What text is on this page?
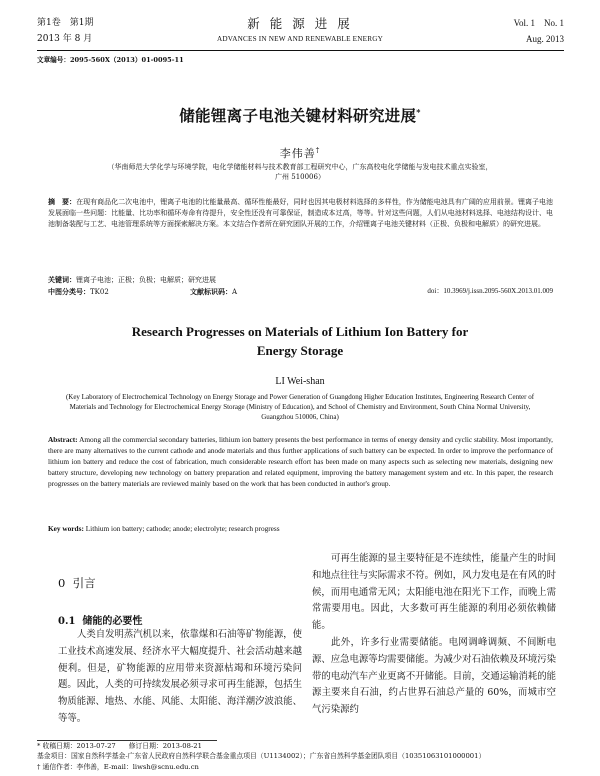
第1卷　第1期
2013 年 8 月
新 能 源 进 展
ADVANCES IN NEW AND RENEWABLE ENERGY
Vol. 1　No. 1
Aug. 2013
文章编号：2095-560X（2013）01-0095-11
储能锂离子电池关键材料研究进展*
李伟善†
（华南师范大学化学与环境学院，电化学储能材料与技术教育部工程研究中心，广东高校电化学储能与发电技术重点实验室，
广州 510006）
摘　要：在现有商品化二次电池中，锂离子电池的比能量最高、循环性能最好，同时也因其电极材料选择的多样性，作为储能电池具有广阔的应用前景。锂离子电池发展面临一些问题：比能量、比功率和循环寿命有待提升，安全性还没有可靠保证，制造成本过高，等等。针对这些问题，人们从电池材料选择、电池结构设计、电池制备装配与工艺、电池管理系统等方面探索解决方案。本文结合作者所在研究团队开展的工作，介绍锂离子电池关键材料（正极、负极和电解质）的研究进展。
关键词：锂离子电池；正极；负极；电解质；研究进展
中图分类号：TK02	文献标识码：A	doi：10.3969/j.issn.2095-560X.2013.01.009
Research Progresses on Materials of Lithium Ion Battery for
Energy Storage
LI Wei-shan
(Key Laboratory of Electrochemical Technology on Energy Storage and Power Generation of Guangdong Higher Education Institutes, Engineering Research Center of Materials and Technology for Electrochemical Energy Storage (Ministry of Education), and School of Chemistry and Environment, South China Normal University, Guangzhou 510006, China)
Abstract: Among all the commercial secondary batteries, lithium ion battery presents the best performance in terms of energy density and cyclic stability. Most importantly, there are many alternatives to the current cathode and anode materials and thus further applications of such battery can be expected. In order to improve the performance of lithium ion battery and reduce the cost of fabrication, much considerable research effort has been made on many aspects such as selecting new materials, designing new battery structure, developing new technology on battery preparation and related equipment, improving the battery management system and etc. In this paper, the research progresses on the battery materials are reviewed mainly based on the work that has been conducted in author's group.
Key words: Lithium ion battery; cathode; anode; electrolyte; research progress
0 引言
0.1 储能的必要性
人类自发明蒸汽机以来，依靠煤和石油等矿物能源，使工业技术高速发展、经济水平大幅度提升、社会活动越来越便利。但是，矿物能源的应用带来资源枯竭和环境污染问题。因此，人类的可持续发展必须寻求可再生能源，包括生物质能源、地热、水能、风能、太阳能、海洋潮汐波浪能、等等。
可再生能源的显主要特征是不连续性，能量产生的时间和地点往往与实际需求不符。例如，风力发电是在有风的时候，而用电通常无风；太阳能电池在阳光下工作，而晚上需常需要用电。因此，大多数可再生能源的利用必须依赖储能。
此外，许多行业需要储能。电网调峰调频、不间断电源、应急电源等均需要储能。为减少对石油依赖及环境污染带的电动汽车产业更离不开储能。目前，交通运输消耗的能源主要来自石油，约占世界石油总产量的 60%，而城市空气污染源约
* 收稿日期：2013-07-27 修订日期：2013-08-21
基金项目：国家自然科学基金-广东省人民政府自然科学联合基金重点项目（U1134002）；广东省自然科学基金团队项目（10351063101000001）
† 通信作者：李伟善，E-mail：liwsh@scnu.edu.cn
